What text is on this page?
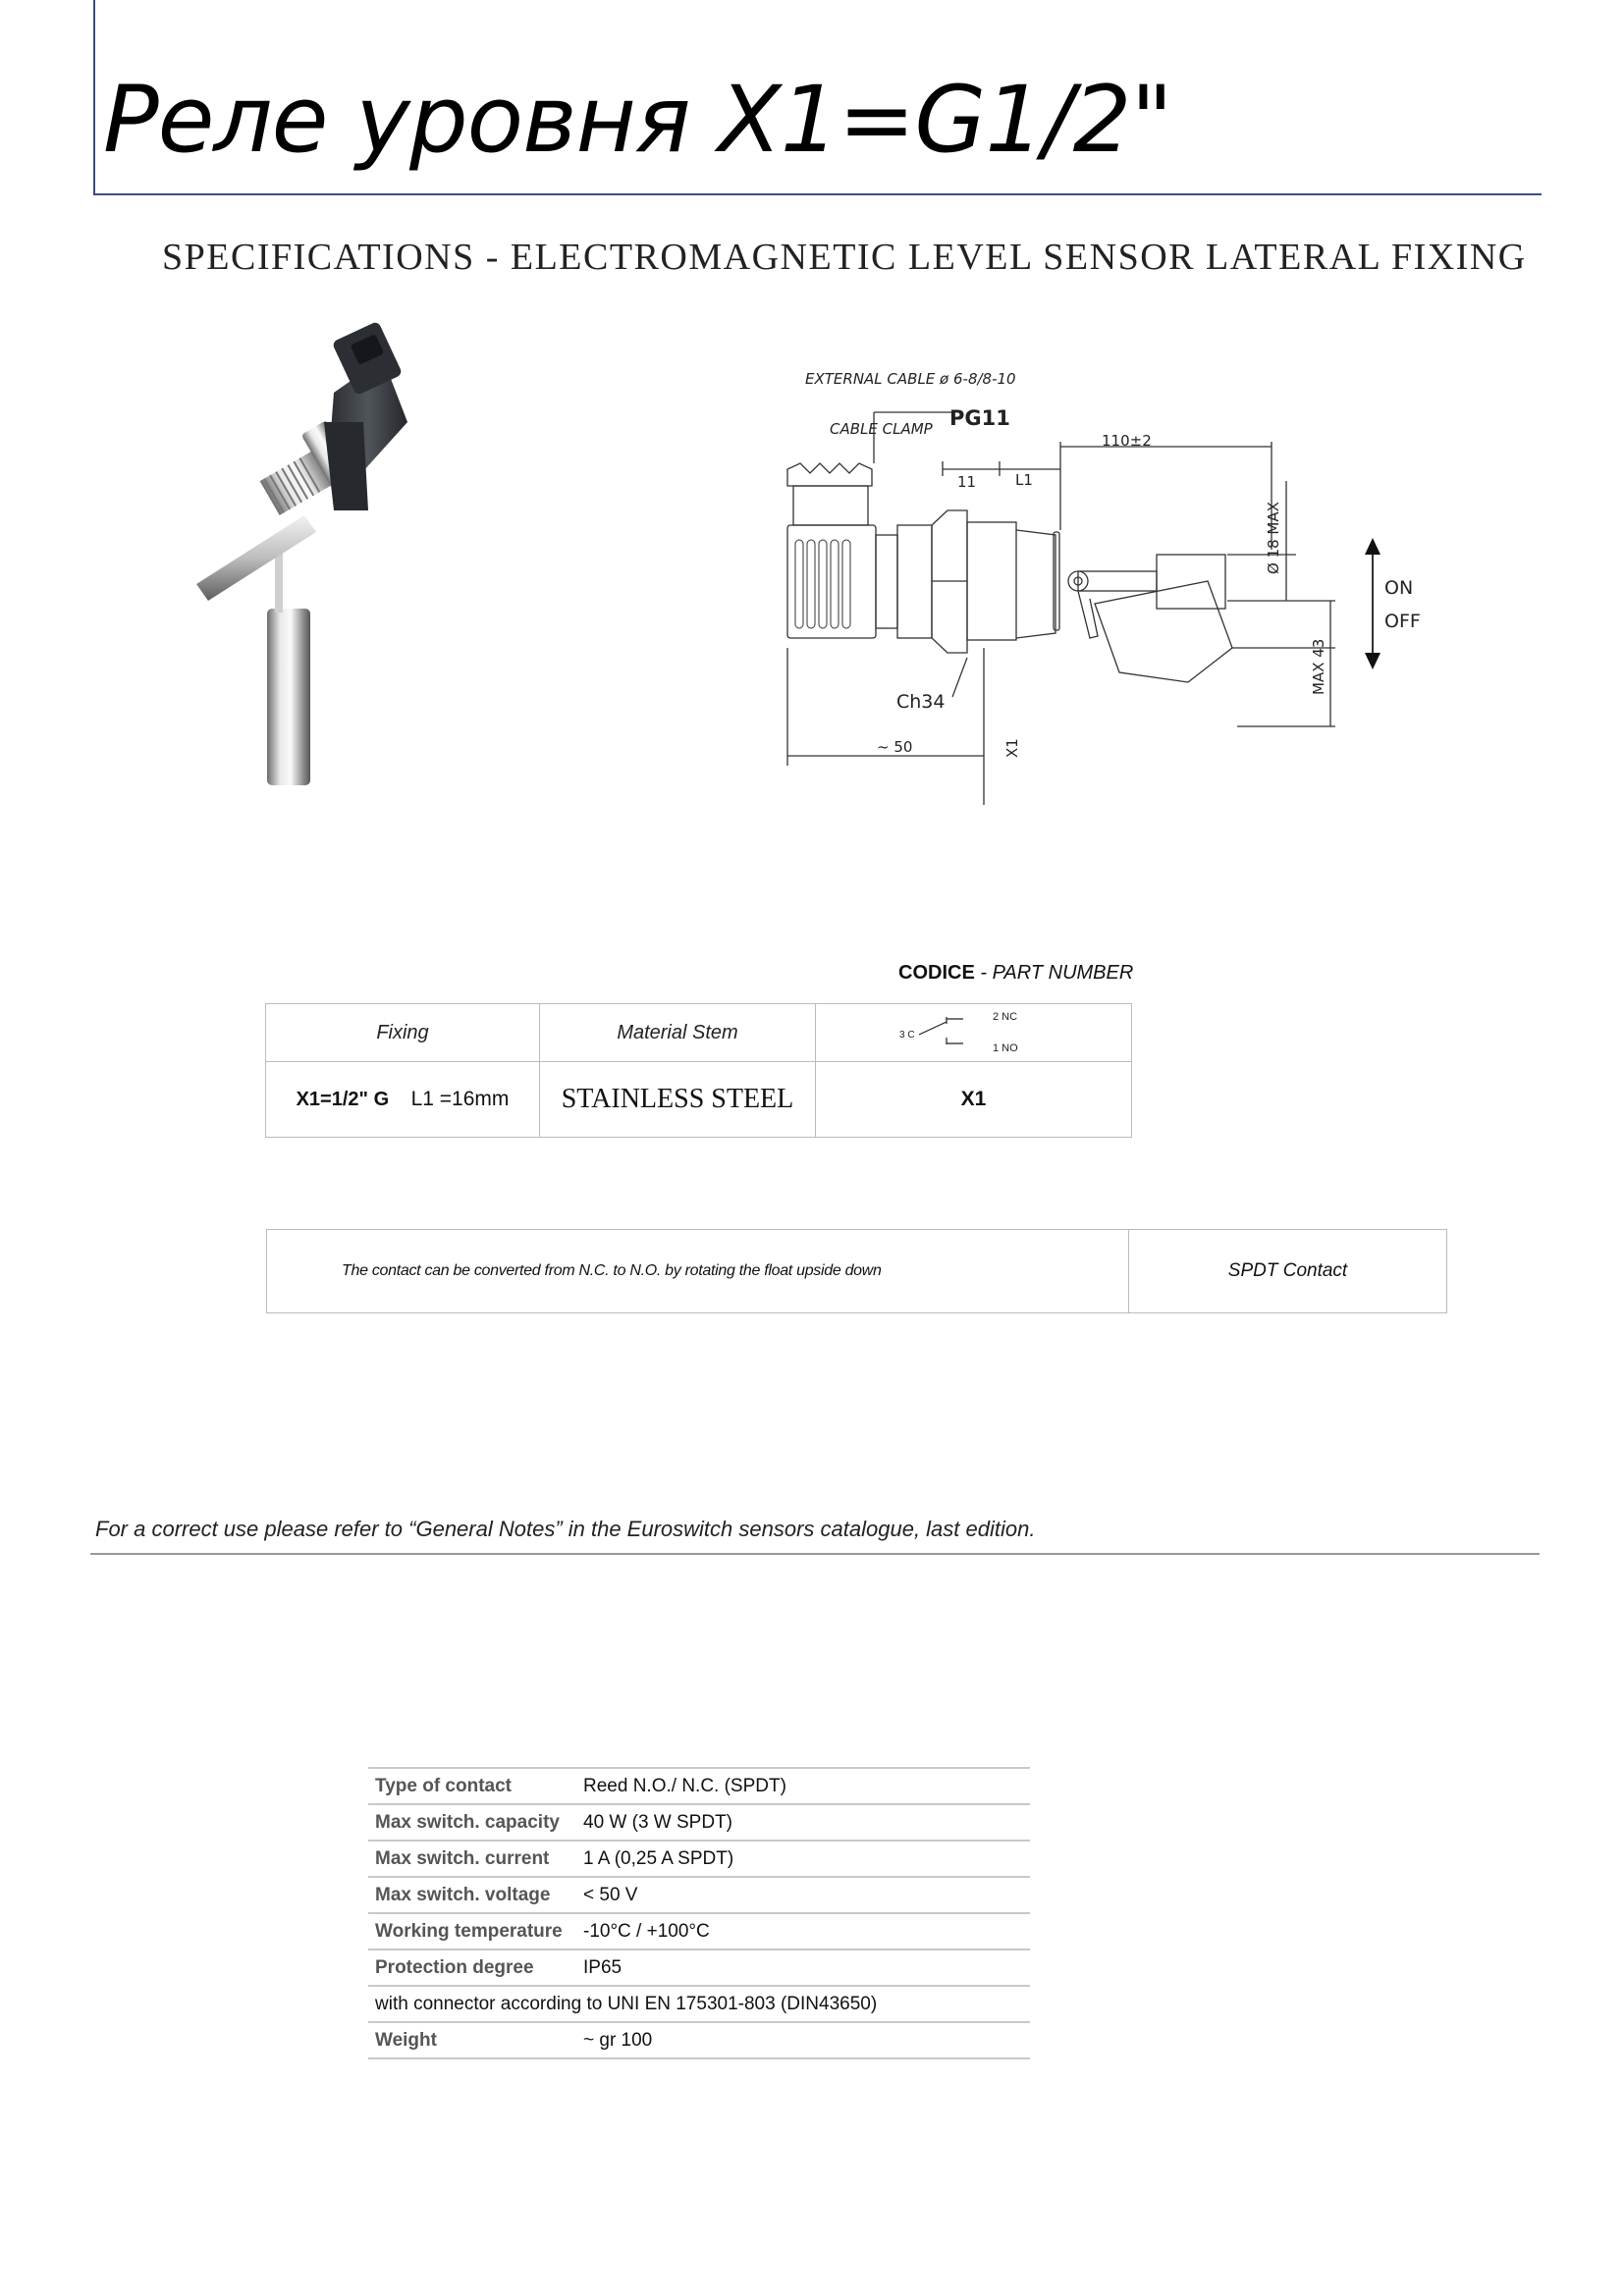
Реле уровня X1=G1/2"
SPECIFICATIONS - ELECTROMAGNETIC LEVEL SENSOR LATERAL FIXING
EXTERNAL CABLE ø 6-8/8-10
CABLE CLAMP PG11
110±2
11	L1
Ø 18 MAX
MAX 43
Ch34
~ 50	X1
ON
OFF
CODICE - PART NUMBER
Fixing	Material Stem	3 C
2 NC
1 NO

X1=1/2" G L1 =16mm	STAINLESS STEEL	X1
The contact can be converted from N.C. to N.O. by rotating the float upside down	SPDT Contact
For a correct use please refer to “General Notes” in the Euroswitch sensors catalogue, last edition.
Type of contact	Reed N.O./ N.C. (SPDT)
Max switch. capacity	40 W (3 W SPDT)
Max switch. current	1 A (0,25 A SPDT)
Max switch. voltage	< 50 V
Working temperature	-10°C / +100°C
Protection degree	IP65
with connector according to UNI EN 175301-803 (DIN43650)	
Weight	~ gr 100
